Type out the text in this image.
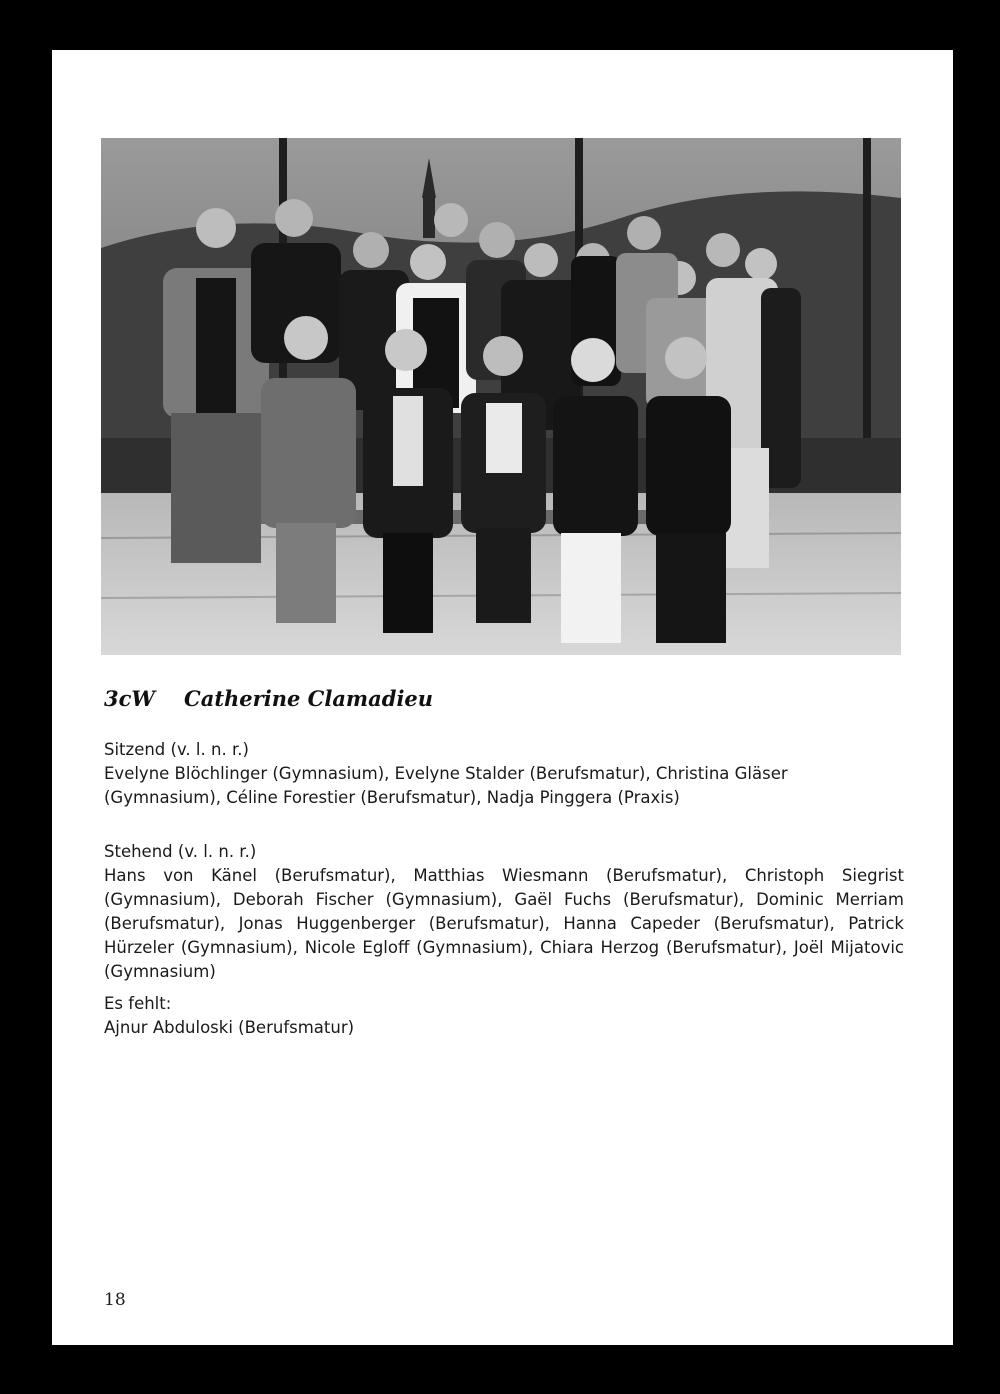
3cW Catherine Clamadieu
Sitzend (v. l. n. r.)
Evelyne Blöchlinger (Gymnasium), Evelyne Stalder (Berufsmatur), Christina Gläser (Gymnasium), Céline Forestier (Berufsmatur), Nadja Pinggera (Praxis)
Stehend (v. l. n. r.)
Hans von Känel (Berufsmatur), Matthias Wiesmann (Berufsmatur), Christoph Siegrist (Gymnasium), Deborah Fischer (Gymnasium), Gaël Fuchs (Berufsmatur), Dominic Merriam (Berufsmatur), Jonas Huggenberger (Berufsmatur), Hanna Capeder (Berufsmatur), Patrick Hürzeler (Gymnasium), Nicole Egloff (Gymnasium), Chiara Herzog (Berufsmatur), Joël Mijatovic (Gymnasium)
Es fehlt:
Ajnur Abduloski (Berufsmatur)
18
